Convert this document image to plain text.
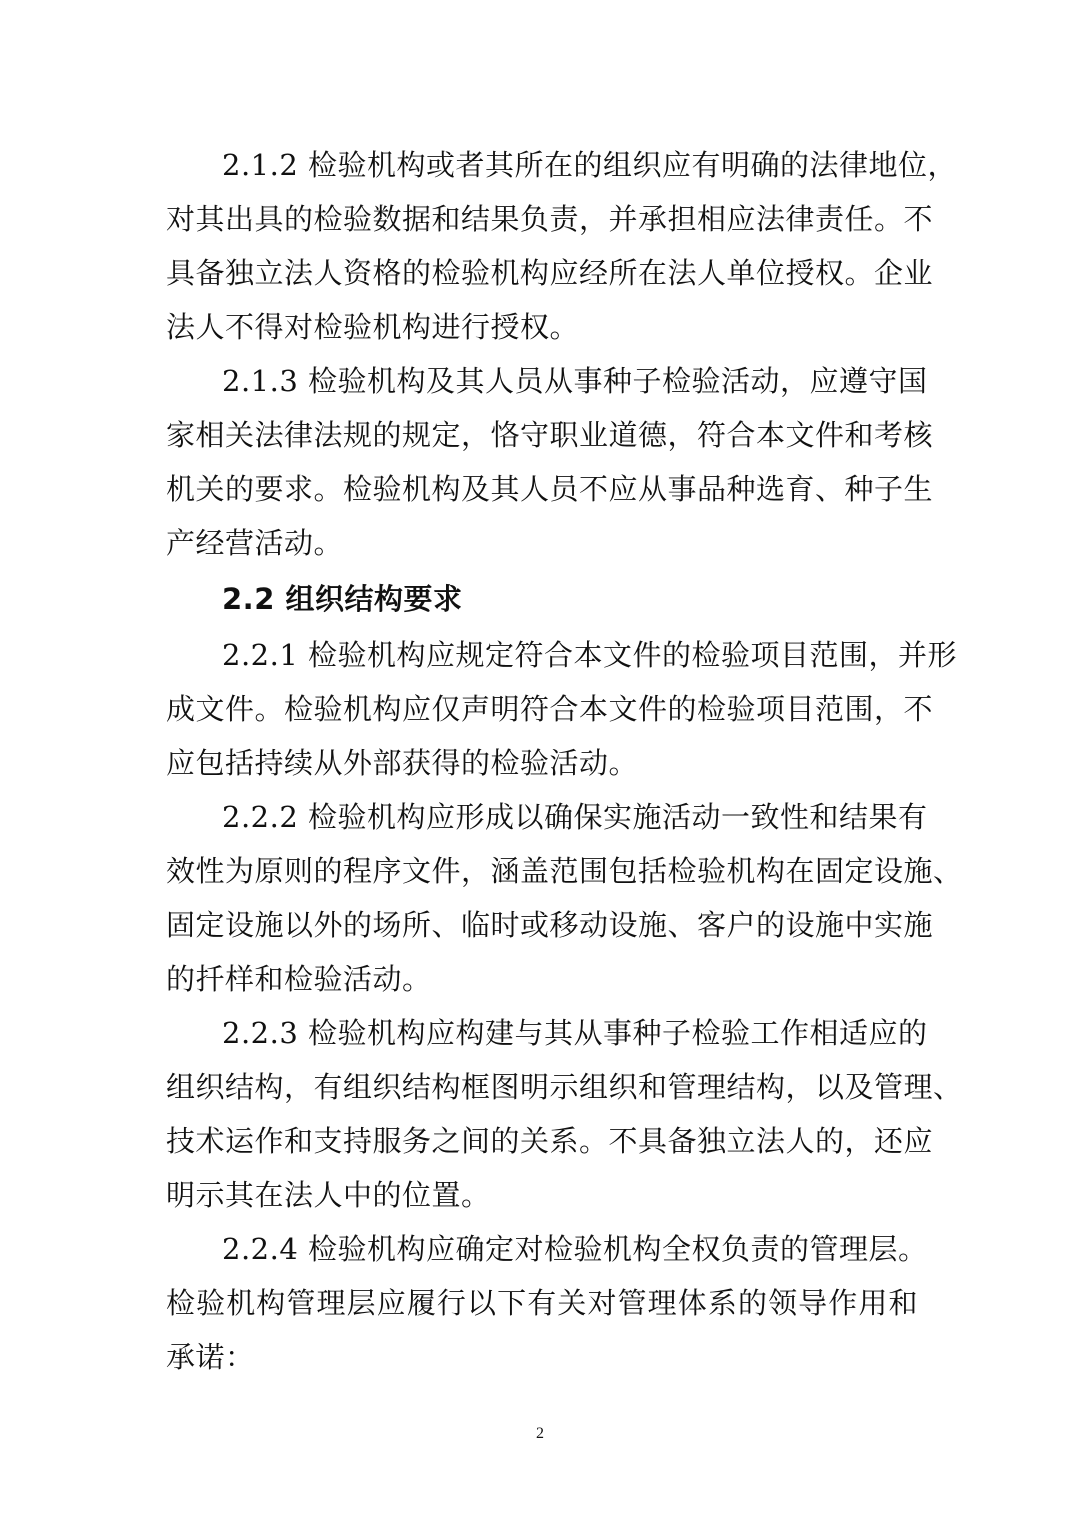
2.1.2 检验机构或者其所在的组织应有明确的法律地位，
对其出具的检验数据和结果负责，并承担相应法律责任。不
具备独立法人资格的检验机构应经所在法人单位授权。企业
法人不得对检验机构进行授权。
2.1.3 检验机构及其人员从事种子检验活动，应遵守国
家相关法律法规的规定，恪守职业道德，符合本文件和考核
机关的要求。检验机构及其人员不应从事品种选育、种子生
产经营活动。
2.2 组织结构要求
2.2.1 检验机构应规定符合本文件的检验项目范围，并形
成文件。检验机构应仅声明符合本文件的检验项目范围，不
应包括持续从外部获得的检验活动。
2.2.2 检验机构应形成以确保实施活动一致性和结果有
效性为原则的程序文件，涵盖范围包括检验机构在固定设施、
固定设施以外的场所、临时或移动设施、客户的设施中实施
的扦样和检验活动。
2.2.3 检验机构应构建与其从事种子检验工作相适应的
组织结构，有组织结构框图明示组织和管理结构，以及管理、
技术运作和支持服务之间的关系。不具备独立法人的，还应
明示其在法人中的位置。
2.2.4 检验机构应确定对检验机构全权负责的管理层。
检验机构管理层应履行以下有关对管理体系的领导作用和
承诺：
2
